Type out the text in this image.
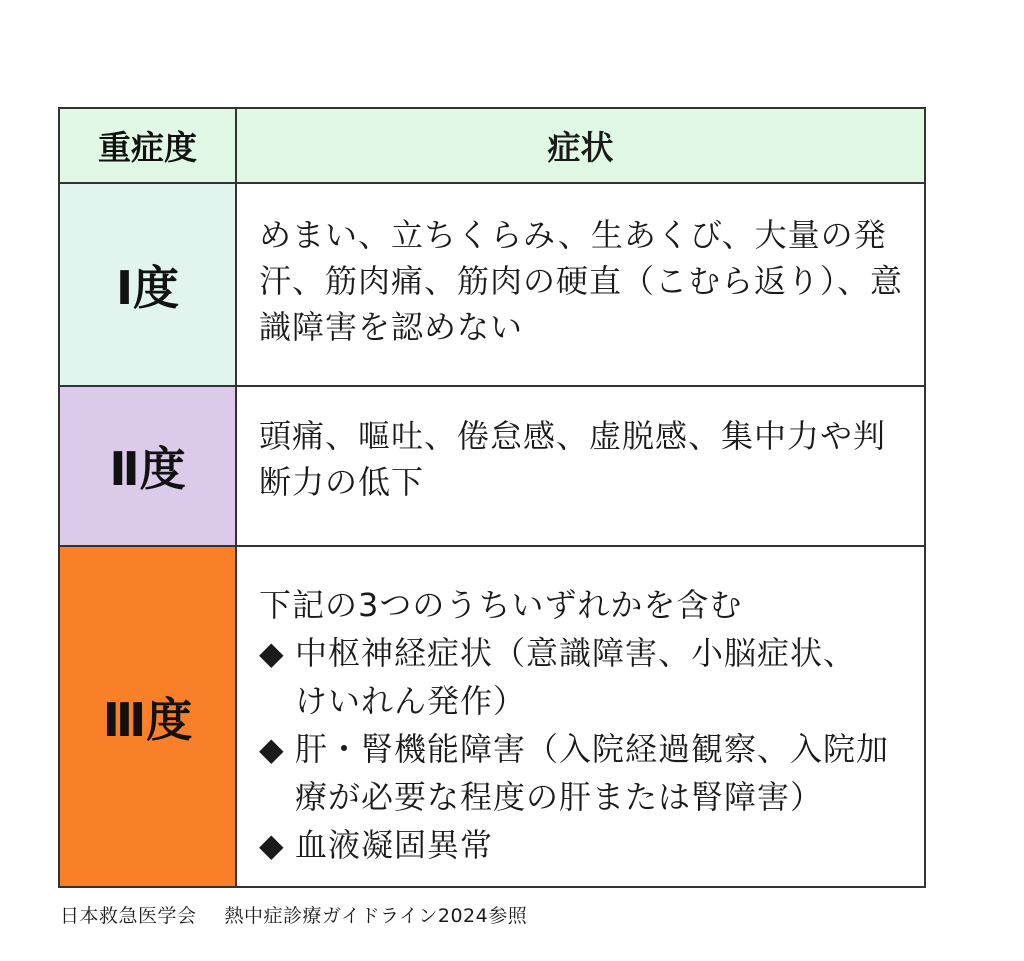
重症度	症状
Ⅰ度
めまい、立ちくらみ、生あくび、大量の発
汗、筋肉痛、筋肉の硬直（こむら返り）、意
識障害を認めない
Ⅱ度
頭痛、嘔吐、倦怠感、虚脱感、集中力や判
断力の低下
Ⅲ度
下記の3つのうちいずれかを含む
◆ 中枢神経症状（意識障害、小脳症状、
けいれん発作）
◆ 肝・腎機能障害（入院経過観察、入院加
療が必要な程度の肝または腎障害）
◆ 血液凝固異常
日本救急医学会 熱中症診療ガイドライン2024参照
